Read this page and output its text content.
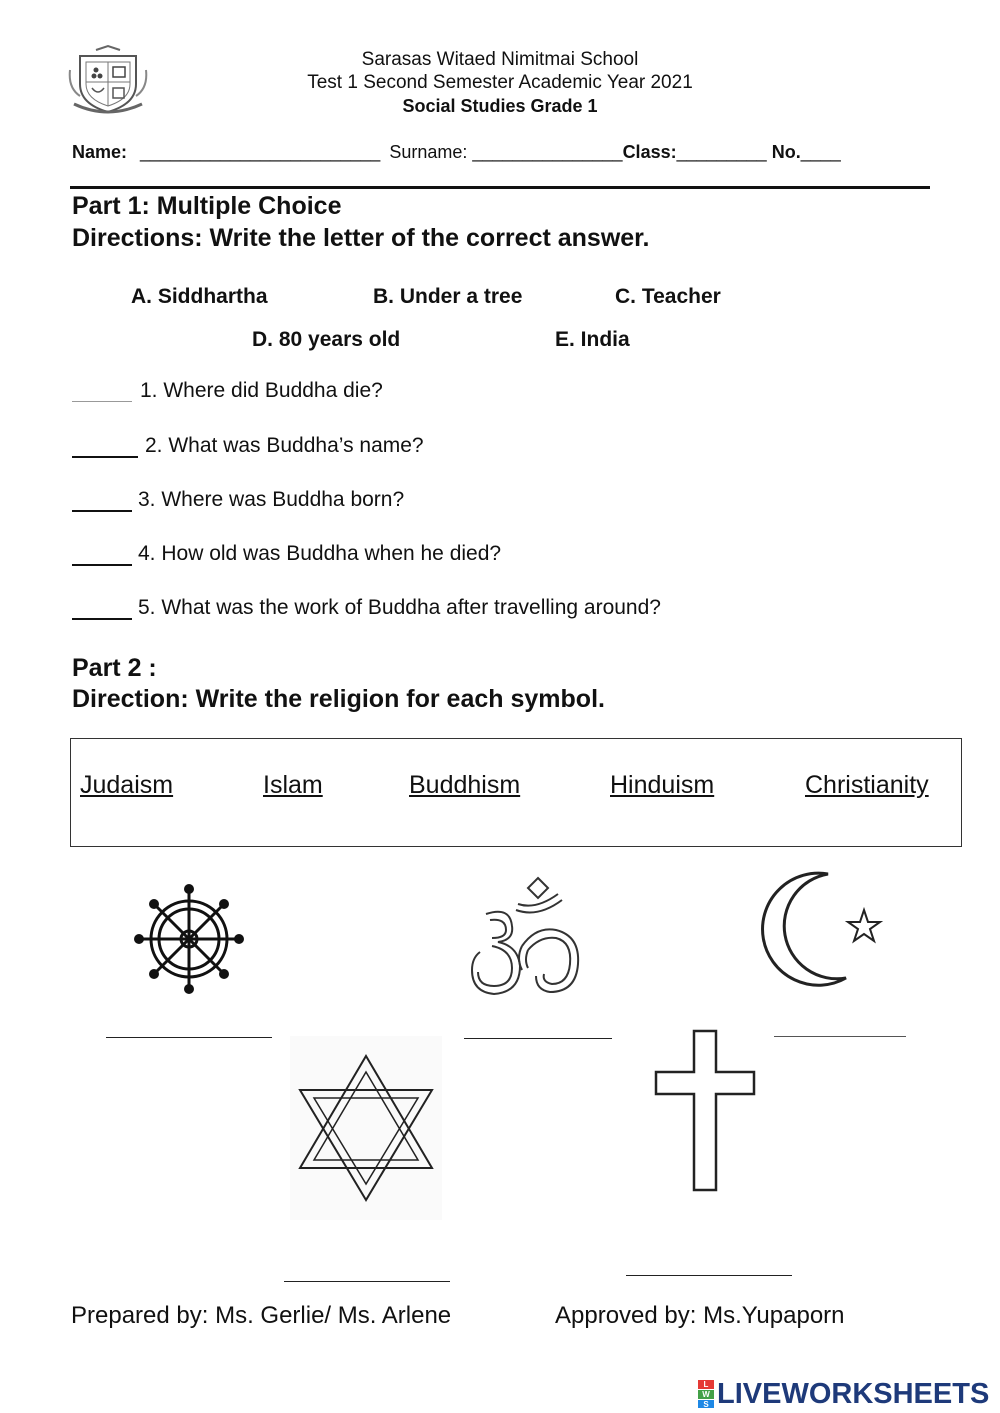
Sarasas Witaed Nimitmai School
Test 1 Second Semester Academic Year 2021
Social Studies Grade 1
Name: ________________________ Surname: _______________Class:_________ No.____
Part 1: Multiple Choice
Directions: Write the letter of the correct answer.
A. Siddhartha	B. Under a tree	C. Teacher
D. 80 years old	E. India
1. Where did Buddha die?
2. What was Buddha’s name?
3. Where was Buddha born?
4. How old was Buddha when he died?
5. What was the work of Buddha after travelling around?
Part 2 :
Direction: Write the religion for each symbol.
Judaism	Islam	Buddhism	Hinduism	Christianity
Prepared by: Ms. Gerlie/ Ms. Arlene	Approved by: Ms.Yupaporn
L
W
S LIVEWORKSHEETS
